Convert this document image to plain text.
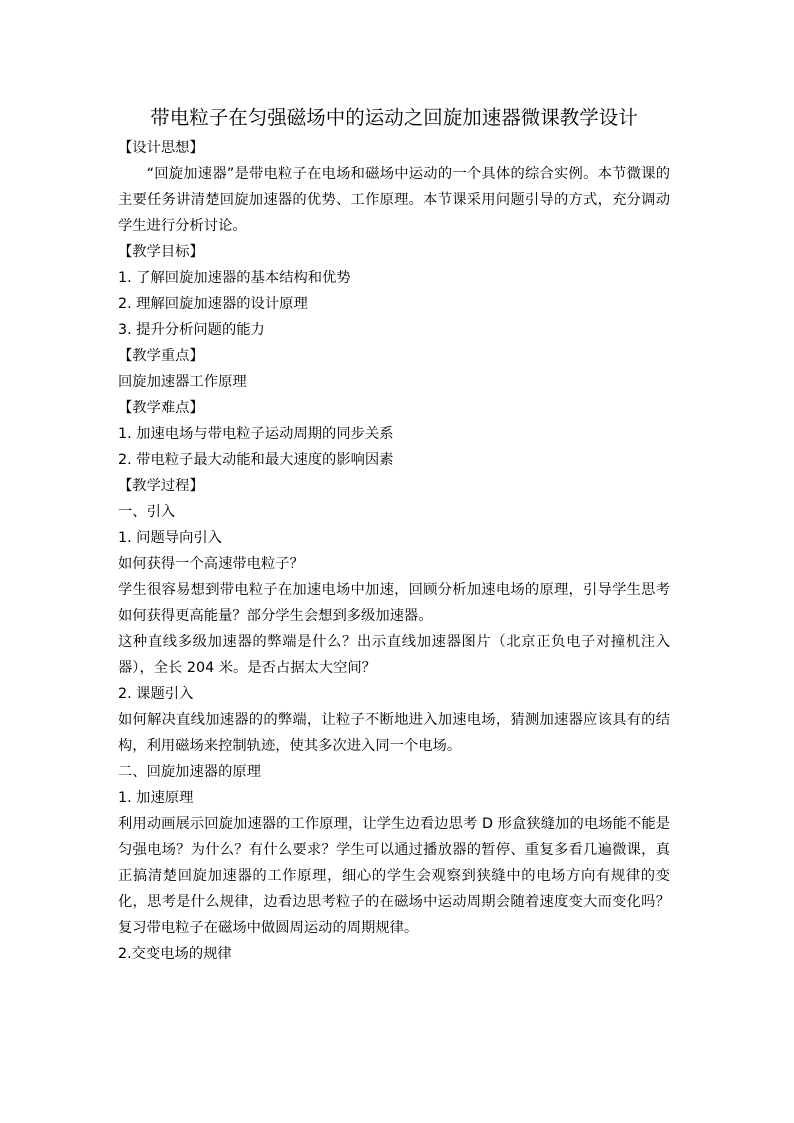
带电粒子在匀强磁场中的运动之回旋加速器微课教学设计
【设计思想】
“回旋加速器”是带电粒子在电场和磁场中运动的一个具体的综合实例。本节微课的主要任务讲清楚回旋加速器的优势、工作原理。本节课采用问题引导的方式，充分调动学生进行分析讨论。
【教学目标】
1. 了解回旋加速器的基本结构和优势
2. 理解回旋加速器的设计原理
3. 提升分析问题的能力
【教学重点】
回旋加速器工作原理
【教学难点】
1. 加速电场与带电粒子运动周期的同步关系
2. 带电粒子最大动能和最大速度的影响因素
【教学过程】
一、引入
1. 问题导向引入
如何获得一个高速带电粒子？
学生很容易想到带电粒子在加速电场中加速，回顾分析加速电场的原理，引导学生思考如何获得更高能量？部分学生会想到多级加速器。
这种直线多级加速器的弊端是什么？出示直线加速器图片（北京正负电子对撞机注入器），全长 204 米。是否占据太大空间？
2. 课题引入
如何解决直线加速器的的弊端，让粒子不断地进入加速电场，猜测加速器应该具有的结构，利用磁场来控制轨迹，使其多次进入同一个电场。
二、回旋加速器的原理
1. 加速原理
利用动画展示回旋加速器的工作原理，让学生边看边思考 D 形盒狭缝加的电场能不能是匀强电场？为什么？有什么要求？学生可以通过播放器的暂停、重复多看几遍微课，真正搞清楚回旋加速器的工作原理，细心的学生会观察到狭缝中的电场方向有规律的变化，思考是什么规律，边看边思考粒子的在磁场中运动周期会随着速度变大而变化吗？复习带电粒子在磁场中做圆周运动的周期规律。
2.交变电场的规律
